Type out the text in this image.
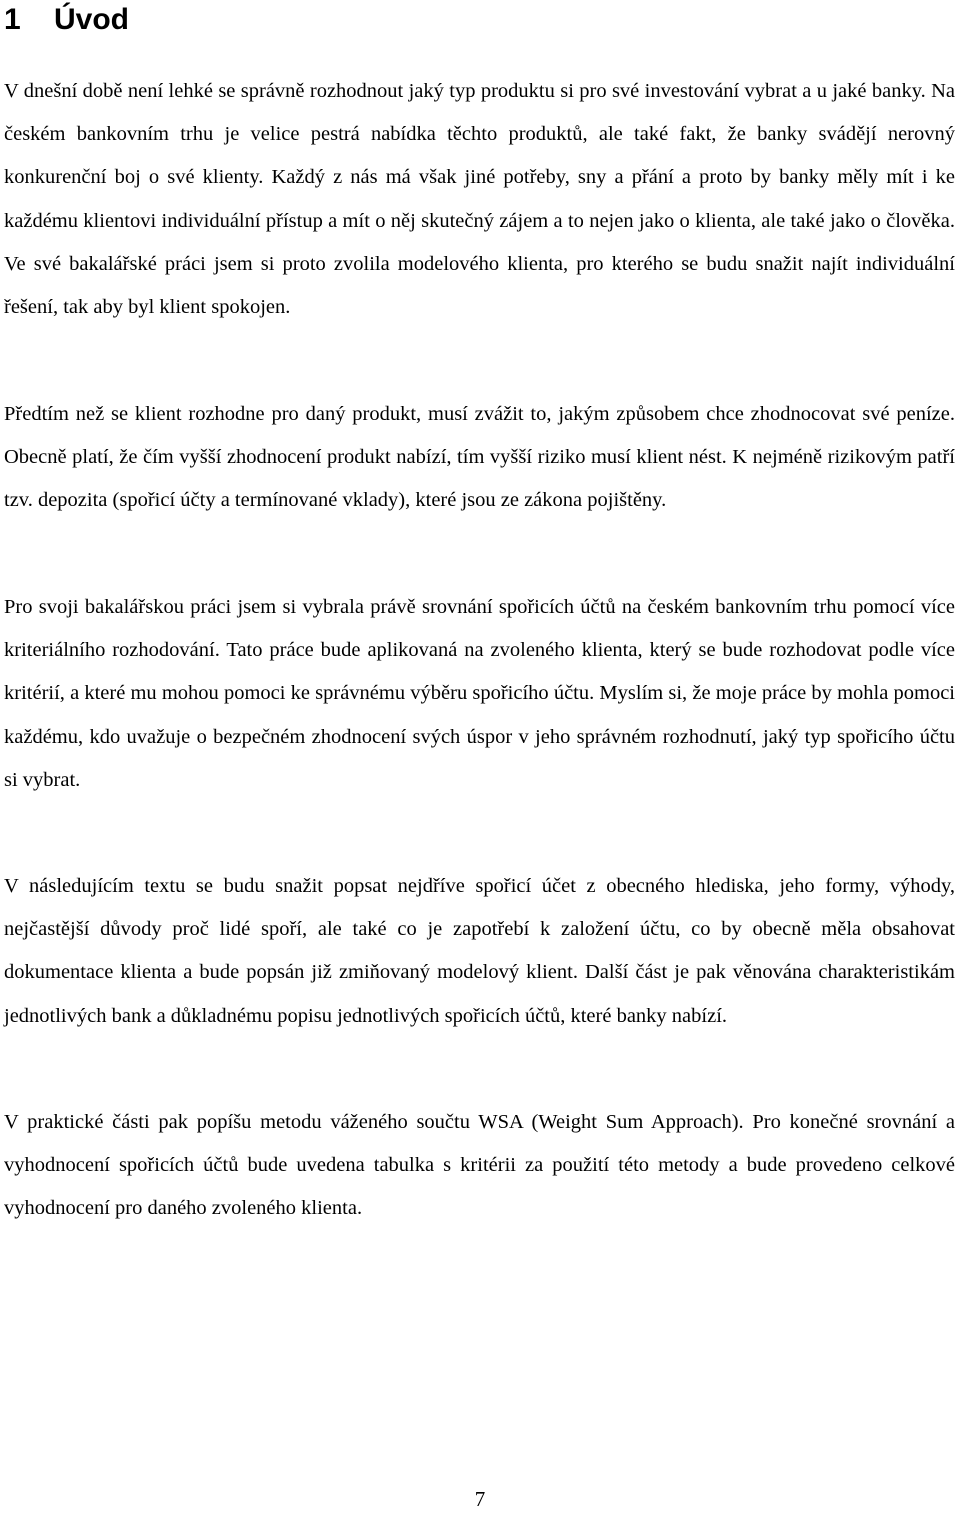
1 Úvod

V dnešní době není lehké se správně rozhodnout jaký typ produktu si pro své investování vybrat a u jaké banky. Na českém bankovním trhu je velice pestrá nabídka těchto produktů, ale také fakt, že banky svádějí nerovný konkurenční boj o své klienty. Každý z nás má však jiné potřeby, sny a přání a proto by banky měly mít i ke každému klientovi individuální přístup a mít o něj skutečný zájem a to nejen jako o klienta, ale také jako o člověka. Ve své bakalářské práci jsem si proto zvolila modelového klienta, pro kterého se budu snažit najít individuální řešení, tak aby byl klient spokojen.

Předtím než se klient rozhodne pro daný produkt, musí zvážit to, jakým způsobem chce zhodnocovat své peníze. Obecně platí, že čím vyšší zhodnocení produkt nabízí, tím vyšší riziko musí klient nést. K nejméně rizikovým patří tzv. depozita (spořicí účty a termínované vklady), které jsou ze zákona pojištěny.

Pro svoji bakalářskou práci jsem si vybrala právě srovnání spořicích účtů na českém bankovním trhu pomocí více kriteriálního rozhodování. Tato práce bude aplikovaná na zvoleného klienta, který se bude rozhodovat podle více kritérií, a které mu mohou pomoci ke správnému výběru spořicího účtu. Myslím si, že moje práce by mohla pomoci každému, kdo uvažuje o bezpečném zhodnocení svých úspor v jeho správném rozhodnutí, jaký typ spořicího účtu si vybrat.

V následujícím textu se budu snažit popsat nejdříve spořicí účet z obecného hlediska, jeho formy, výhody, nejčastější důvody proč lidé spoří, ale také co je zapotřebí k založení účtu, co by obecně měla obsahovat dokumentace klienta a bude popsán již zmiňovaný modelový klient. Další část je pak věnována charakteristikám jednotlivých bank a důkladnému popisu jednotlivých spořicích účtů, které banky nabízí.

V praktické části pak popíšu metodu váženého součtu WSA (Weight Sum Approach). Pro konečné srovnání a vyhodnocení spořicích účtů bude uvedena tabulka s kritérii za použití této metody a bude provedeno celkové vyhodnocení pro daného zvoleného klienta.

7
